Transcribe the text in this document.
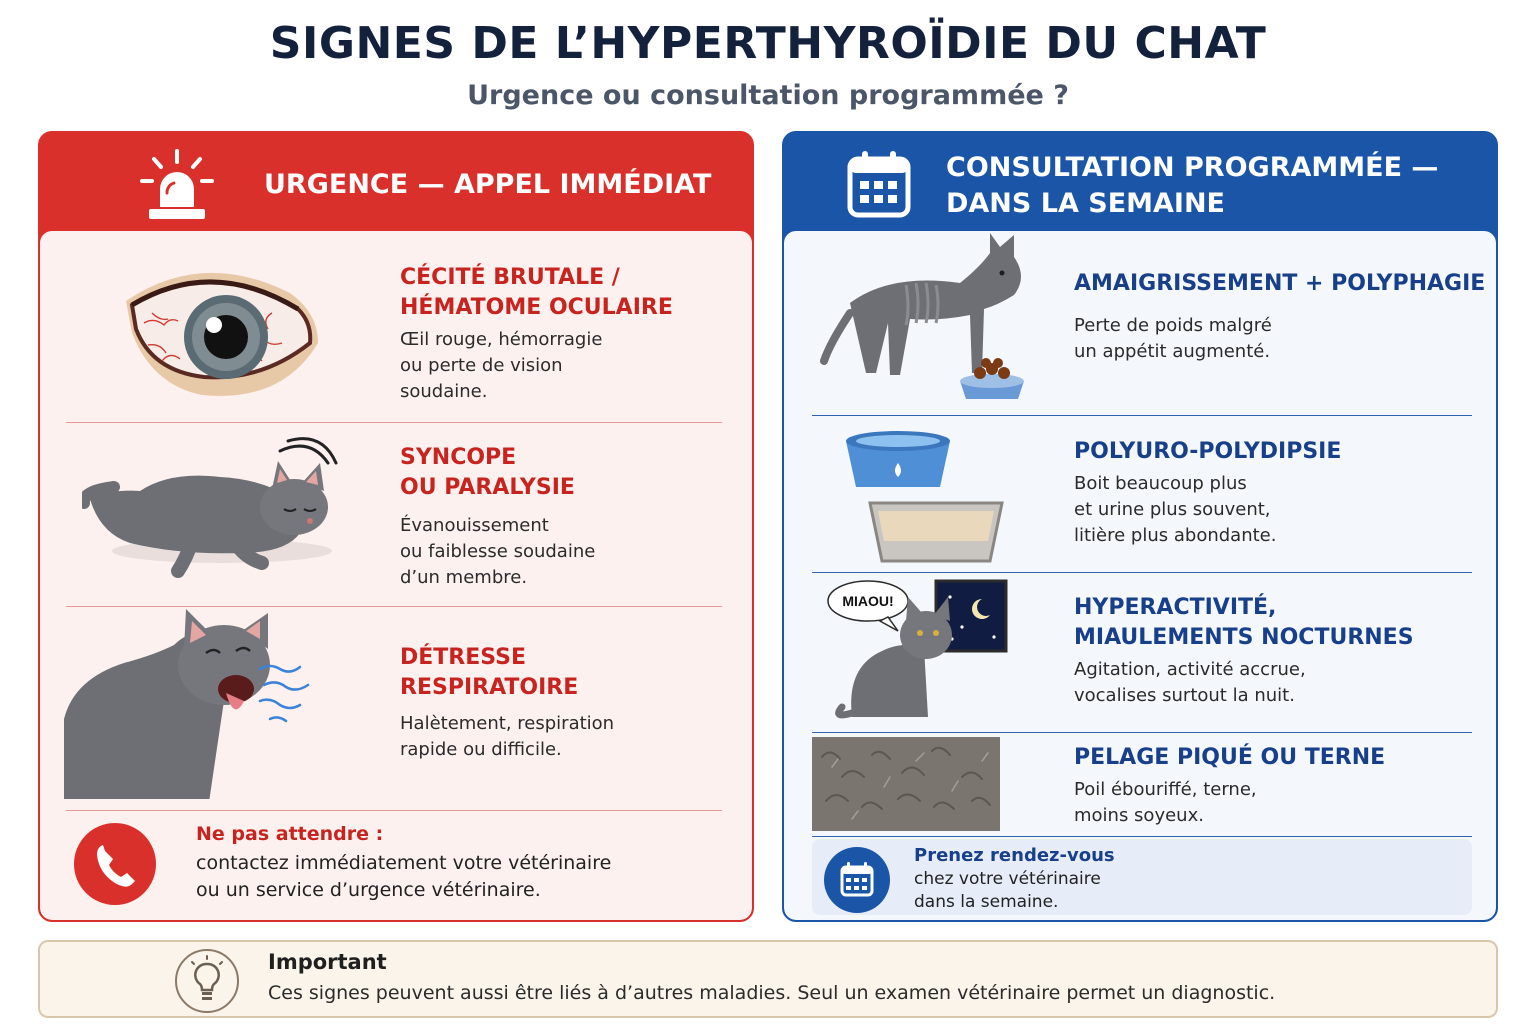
SIGNES DE L’HYPERTHYROÏDIE DU CHAT
Urgence ou consultation programmée ?
URGENCE — APPEL IMMÉDIAT
CÉCITÉ BRUTALE /
HÉMATOME OCULAIRE
Œil rouge, hémorragie
ou perte de vision
soudaine.
SYNCOPE
OU PARALYSIE
Évanouissement
ou faiblesse soudaine
d’un membre.
DÉTRESSE
RESPIRATOIRE
Halètement, respiration
rapide ou difficile.
Ne pas attendre :
contactez immédiatement votre vétérinaire
ou un service d’urgence vétérinaire.
CONSULTATION PROGRAMMÉE —
DANS LA SEMAINE
AMAIGRISSEMENT + POLYPHAGIE
Perte de poids malgré
un appétit augmenté.
POLYURO-POLYDIPSIE
Boit beaucoup plus
et urine plus souvent,
litière plus abondante.
MIAOU!	HYPERACTIVITÉ,
MIAULEMENTS NOCTURNES
Agitation, activité accrue,
vocalises surtout la nuit.
PELAGE PIQUÉ OU TERNE
Poil ébouriffé, terne,
moins soyeux.
Prenez rendez-vous
chez votre vétérinaire
dans la semaine.
Important
Ces signes peuvent aussi être liés à d’autres maladies. Seul un examen vétérinaire permet un diagnostic.
